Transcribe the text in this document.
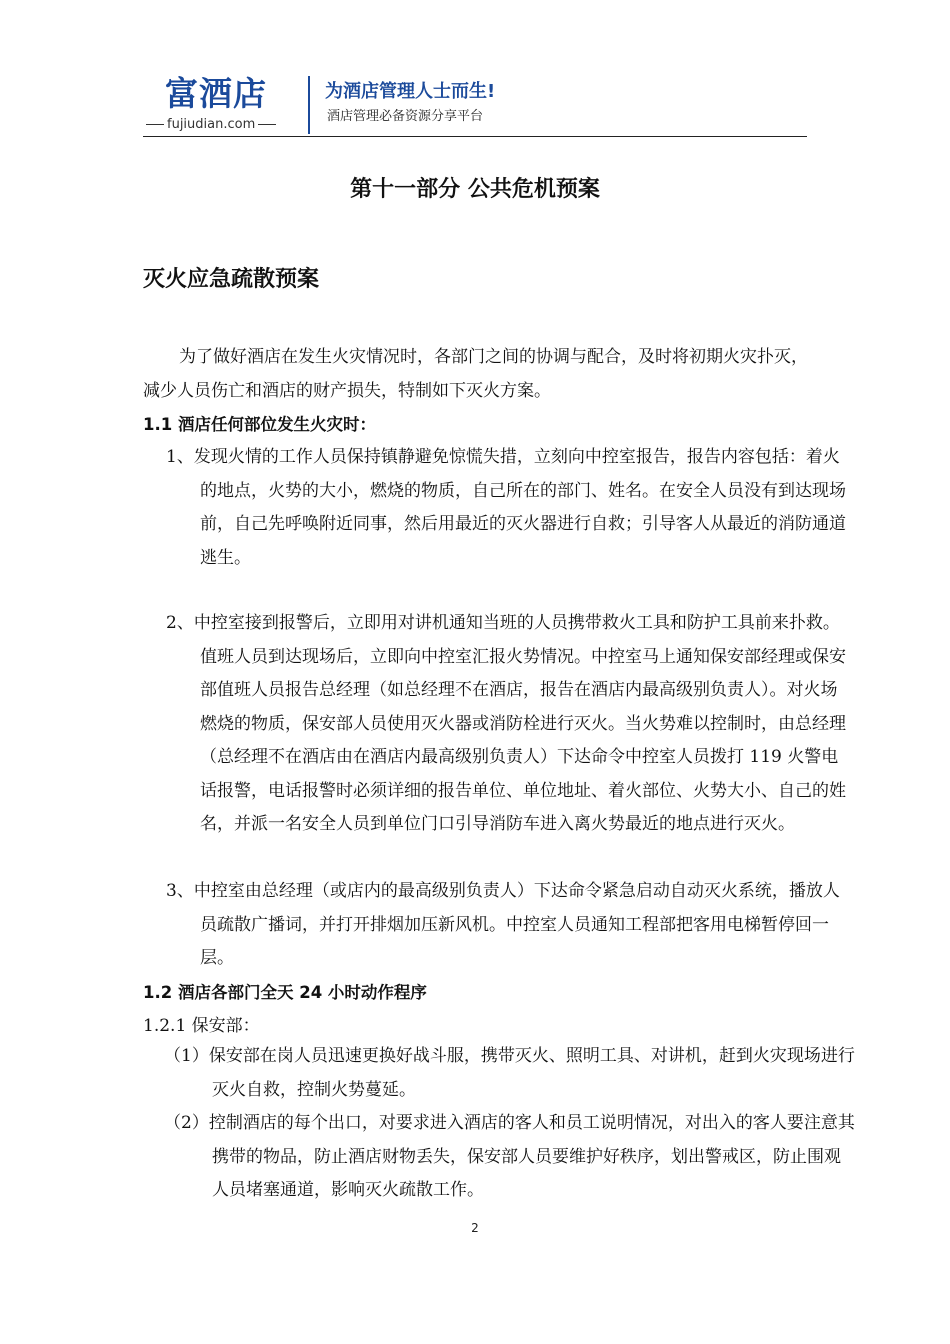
富酒店
fujiudian.com
为酒店管理人士而生!
酒店管理必备资源分享平台
第十一部分 公共危机预案
灭火应急疏散预案
为了做好酒店在发生火灾情况时，各部门之间的协调与配合，及时将初期火灾扑灭，减少人员伤亡和酒店的财产损失，特制如下灭火方案。
1.1 酒店任何部位发生火灾时：
1、发现火情的工作人员保持镇静避免惊慌失措，立刻向中控室报告，报告内容包括：着火的地点，火势的大小，燃烧的物质，自己所在的部门、姓名。在安全人员没有到达现场前，自己先呼唤附近同事，然后用最近的灭火器进行自救；引导客人从最近的消防通道逃生。
2、中控室接到报警后，立即用对讲机通知当班的人员携带救火工具和防护工具前来扑救。值班人员到达现场后，立即向中控室汇报火势情况。中控室马上通知保安部经理或保安部值班人员报告总经理（如总经理不在酒店，报告在酒店内最高级别负责人）。对火场燃烧的物质，保安部人员使用灭火器或消防栓进行灭火。当火势难以控制时，由总经理（总经理不在酒店由在酒店内最高级别负责人）下达命令中控室人员拨打 119 火警电话报警，电话报警时必须详细的报告单位、单位地址、着火部位、火势大小、自己的姓名，并派一名安全人员到单位门口引导消防车进入离火势最近的地点进行灭火。
3、中控室由总经理（或店内的最高级别负责人）下达命令紧急启动自动灭火系统，播放人员疏散广播词，并打开排烟加压新风机。中控室人员通知工程部把客用电梯暂停回一层。
1.2 酒店各部门全天 24 小时动作程序
1.2.1 保安部：
（1）保安部在岗人员迅速更换好战斗服，携带灭火、照明工具、对讲机，赶到火灾现场进行灭火自救，控制火势蔓延。
（2）控制酒店的每个出口，对要求进入酒店的客人和员工说明情况，对出入的客人要注意其携带的物品，防止酒店财物丢失，保安部人员要维护好秩序，划出警戒区，防止围观人员堵塞通道，影响灭火疏散工作。
2
